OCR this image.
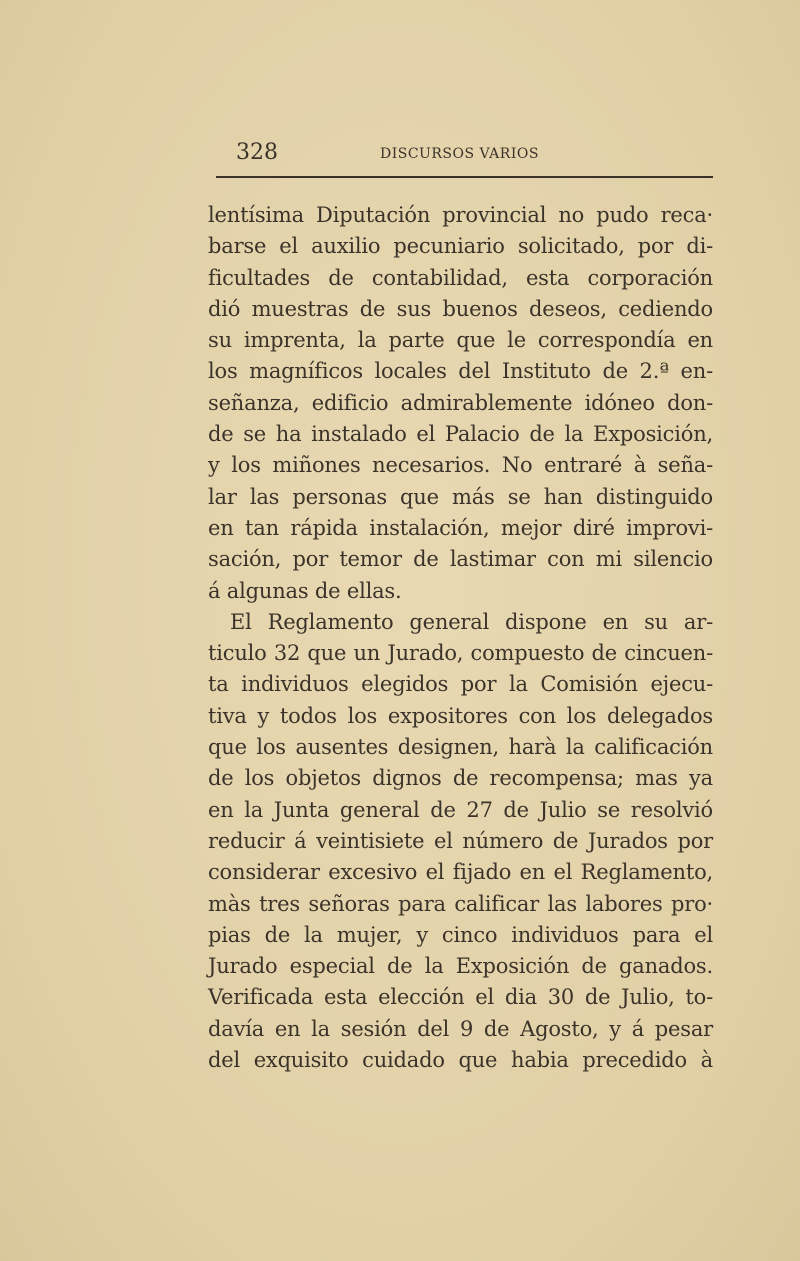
328	DISCURSOS VARIOS
lentísima Diputación provincial no pudo reca·
barse el auxilio pecuniario solicitado, por di-
ficultades de contabilidad, esta corporación
dió muestras de sus buenos deseos, cediendo
su imprenta, la parte que le correspondía en
los magníficos locales del Instituto de 2.ª en-
señanza, edificio admirablemente idóneo don-
de se ha instalado el Palacio de la Exposición,
y los miñones necesarios. No entraré à seña-
lar las personas que más se han distinguido
en tan rápida instalación, mejor diré improvi-
sación, por temor de lastimar con mi silencio
á algunas de ellas.
El Reglamento general dispone en su ar-
ticulo 32 que un Jurado, compuesto de cincuen-
ta individuos elegidos por la Comisión ejecu-
tiva y todos los expositores con los delegados
que los ausentes designen, harà la calificación
de los objetos dignos de recompensa; mas ya
en la Junta general de 27 de Julio se resolvió
reducir á veintisiete el número de Jurados por
considerar excesivo el fijado en el Reglamento,
màs tres señoras para calificar las labores pro·
pias de la mujer, y cinco individuos para el
Jurado especial de la Exposición de ganados.
Verificada esta elección el dia 30 de Julio, to-
davía en la sesión del 9 de Agosto, y á pesar
del exquisito cuidado que habia precedido à
